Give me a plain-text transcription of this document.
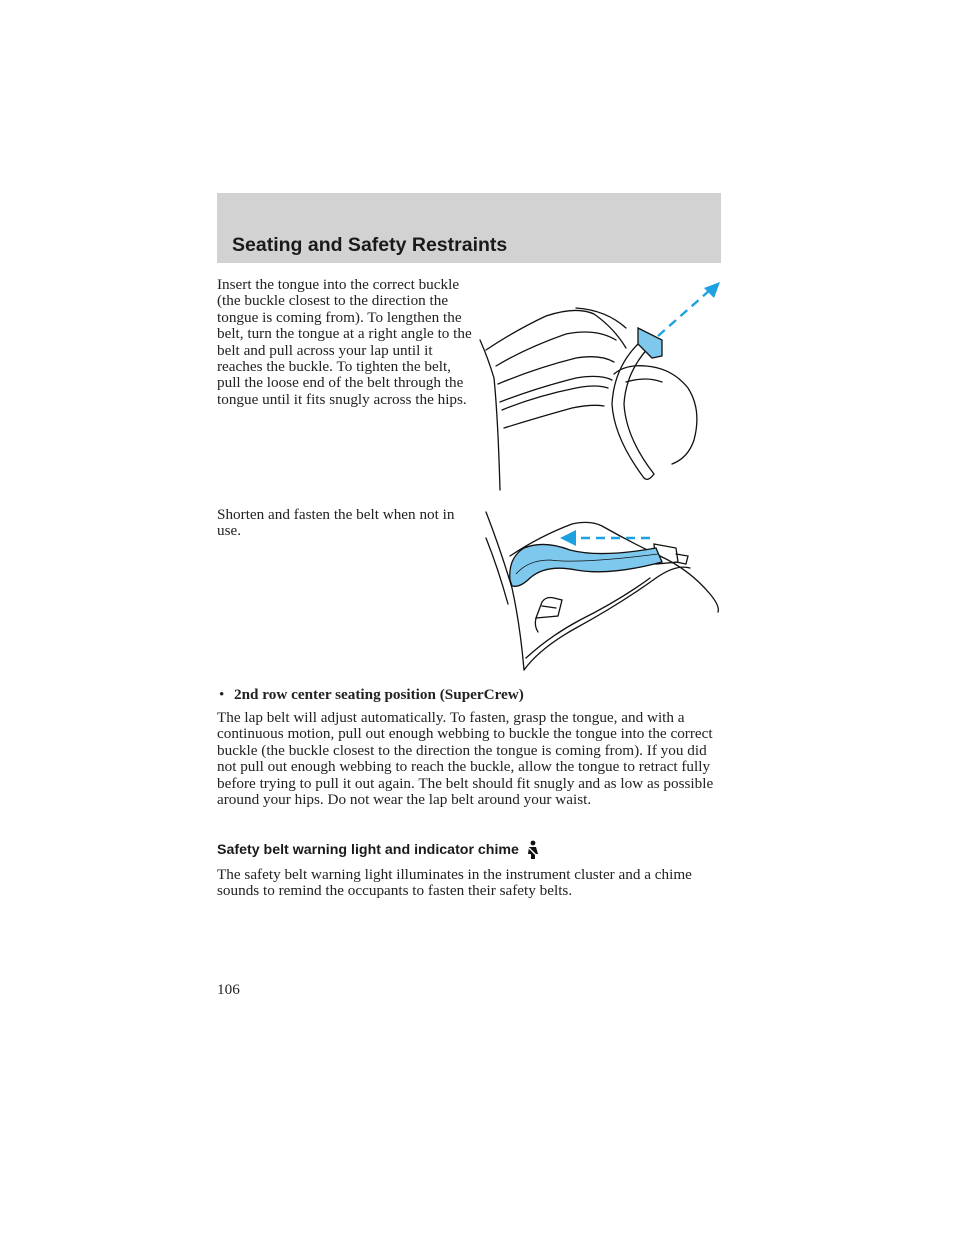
Seating and Safety Restraints

Insert the tongue into the correct buckle (the buckle closest to the direction the tongue is coming from). To lengthen the belt, turn the tongue at a right angle to the belt and pull across your lap until it reaches the buckle. To tighten the belt, pull the loose end of the belt through the tongue until it fits snugly across the hips.

Shorten and fasten the belt when not in use.

• 2nd row center seating position (SuperCrew)

The lap belt will adjust automatically. To fasten, grasp the tongue, and with a continuous motion, pull out enough webbing to buckle the tongue into the correct buckle (the buckle closest to the direction the tongue is coming from). If you did not pull out enough webbing to reach the buckle, allow the tongue to retract fully before trying to pull it out again. The belt should fit snugly and as low as possible around your hips. Do not wear the lap belt around your waist.

Safety belt warning light and indicator chime

The safety belt warning light illuminates in the instrument cluster and a chime sounds to remind the occupants to fasten their safety belts.

106
